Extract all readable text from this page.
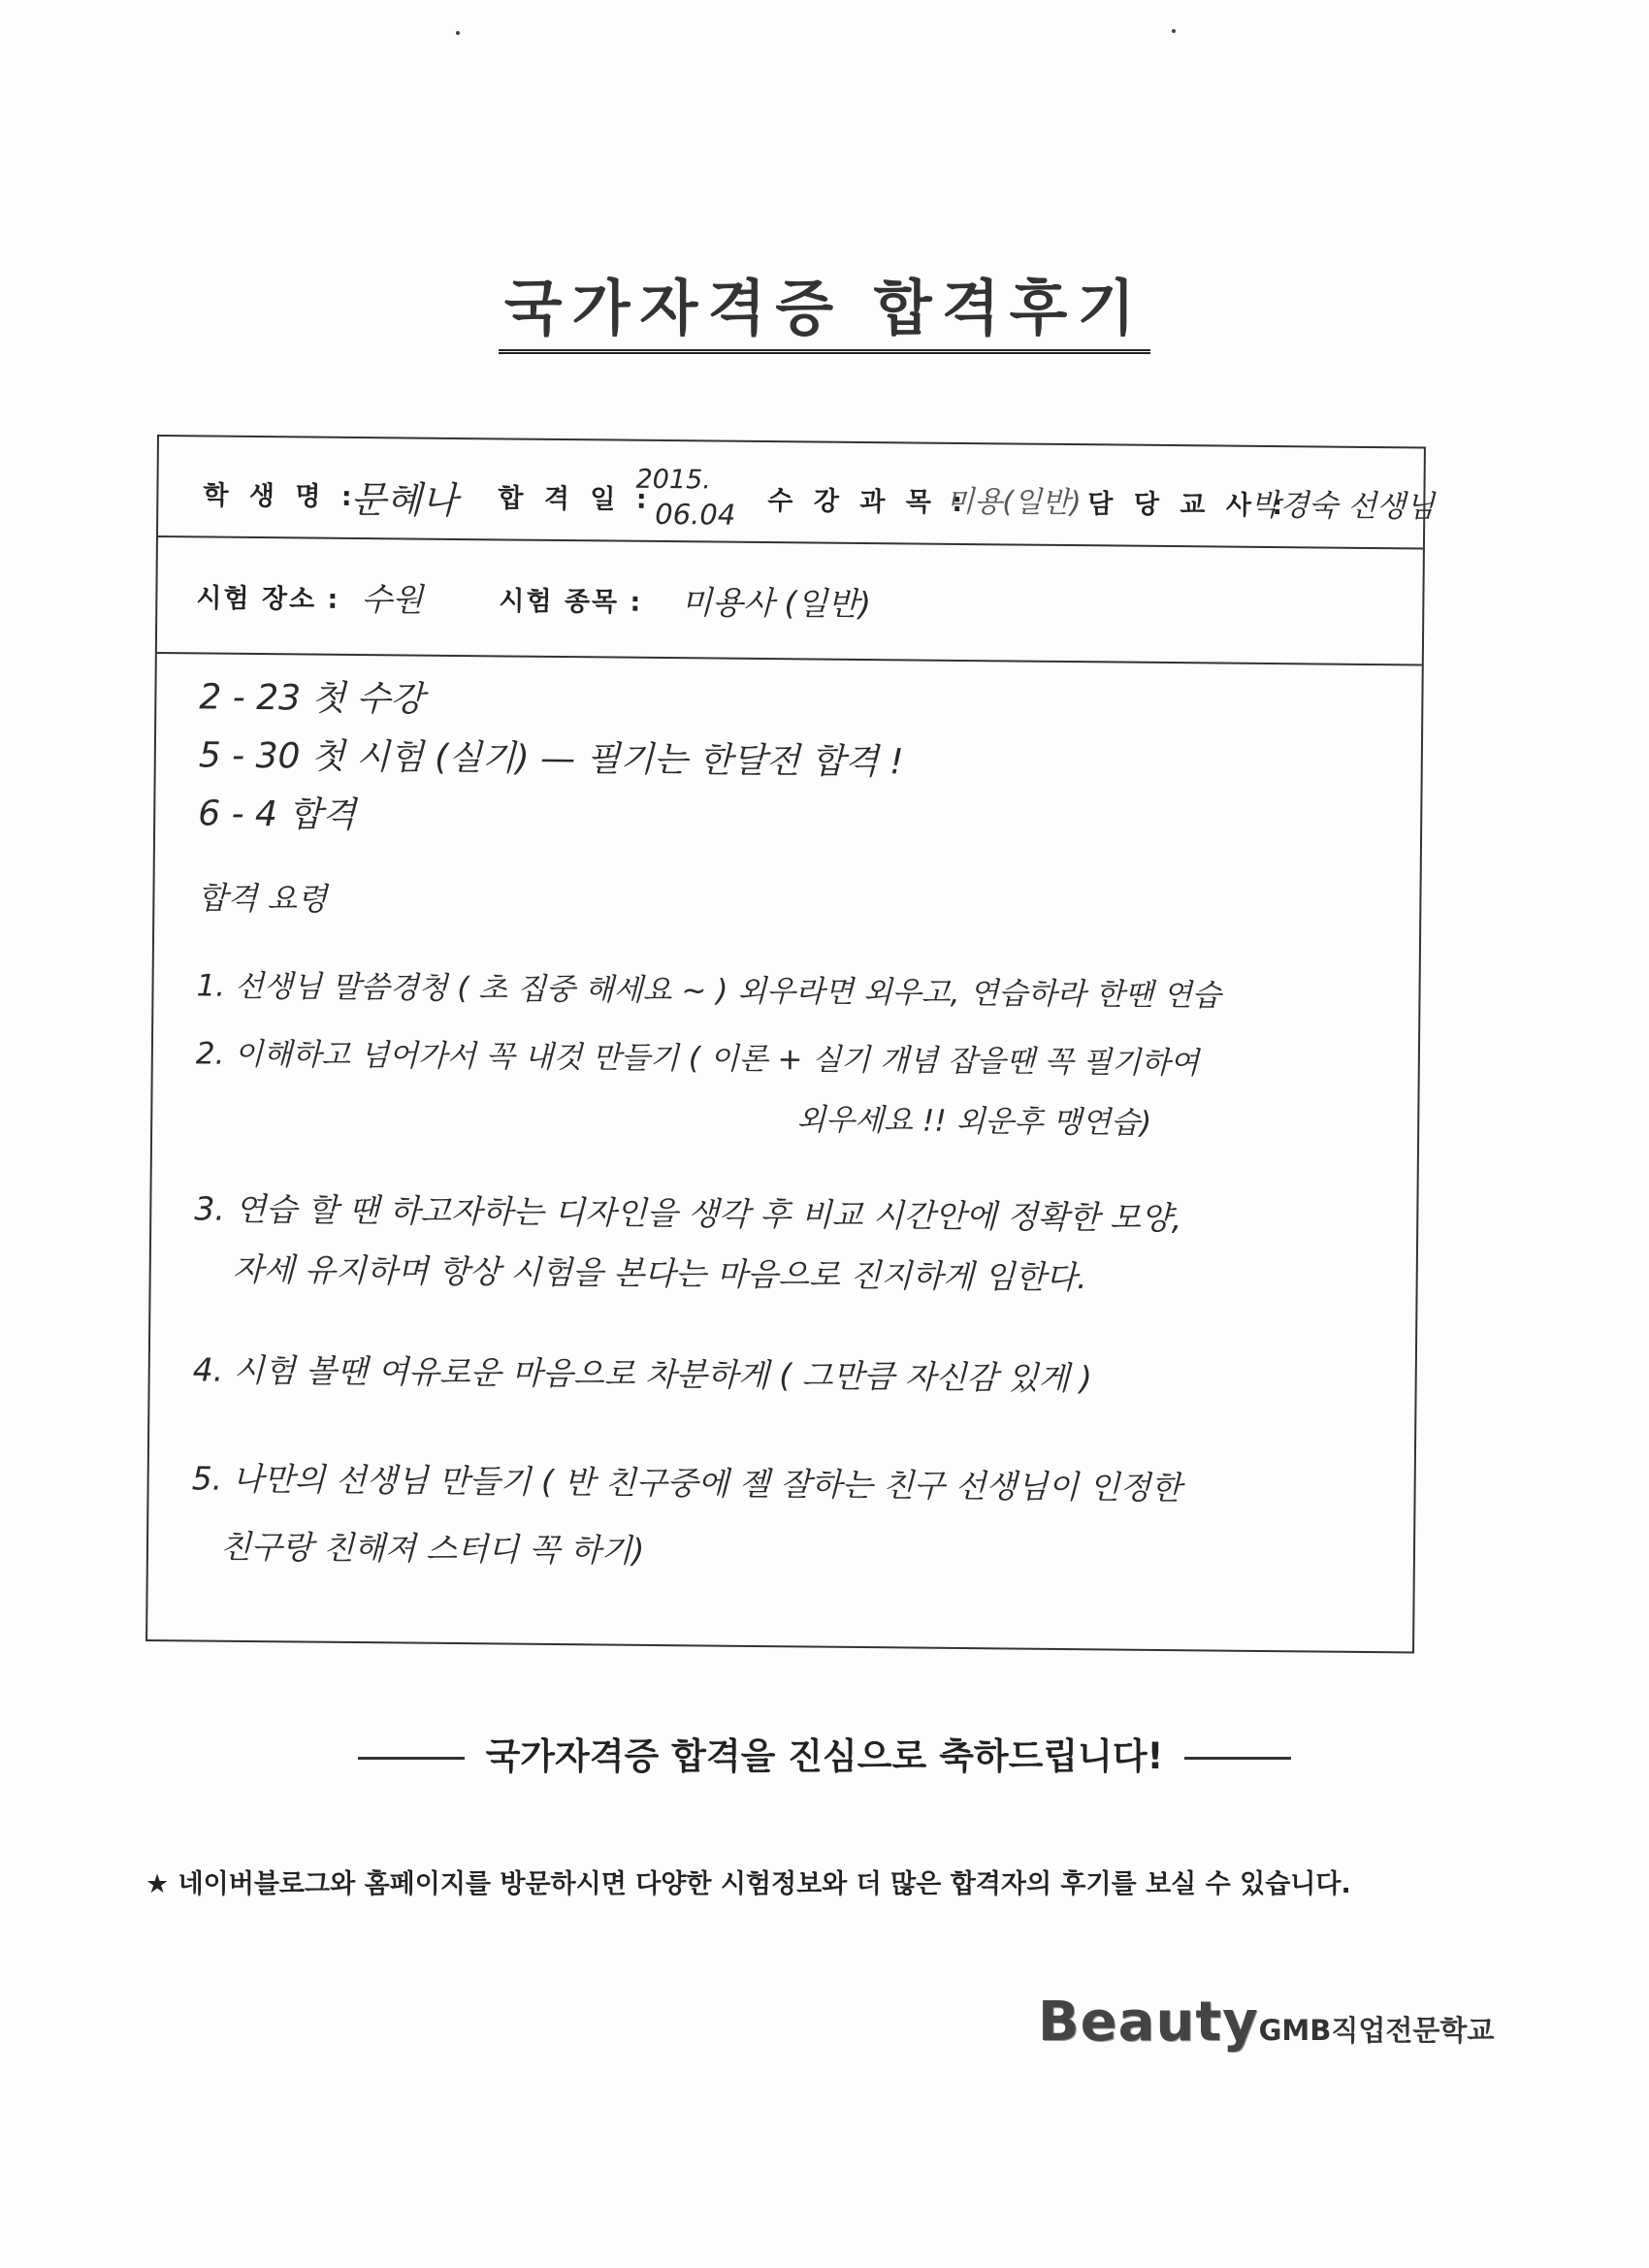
국가자격증 합격후기
학 생 명 :
문혜나 합 격 일 :
2015.
06.04 수 강 과 목 :
미용(일반) 담 당 교 사 :
박경숙 선생님
시험 장소 : 수원	시험 종목 : 미용사 (일반)
2 - 23 첫 수강
5 - 30 첫 시험 (실기) — 필기는 한달전 합격 !
6 - 4 합격
합격 요령
1. 선생님 말씀경청 ( 초 집중 해세요 ~ ) 외우라면 외우고, 연습하라 한땐 연습
2. 이해하고 넘어가서 꼭 내것 만들기 ( 이론 + 실기 개념 잡을땐 꼭 필기하여
외우세요 !! 외운후 맹연습)
3. 연습 할 땐 하고자하는 디자인을 생각 후 비교 시간안에 정확한 모양,
자세 유지하며 항상 시험을 본다는 마음으로 진지하게 임한다.
4. 시험 볼땐 여유로운 마음으로 차분하게 ( 그만큼 자신감 있게 )
5. 나만의 선생님 만들기 ( 반 친구중에 젤 잘하는 친구 선생님이 인정한
친구랑 친해져 스터디 꼭 하기)
국가자격증 합격을 진심으로 축하드립니다!
★ 네이버블로그와 홈페이지를 방문하시면 다양한 시험정보와 더 많은 합격자의 후기를 보실 수 있습니다.
BeautyGMB직업전문학교
